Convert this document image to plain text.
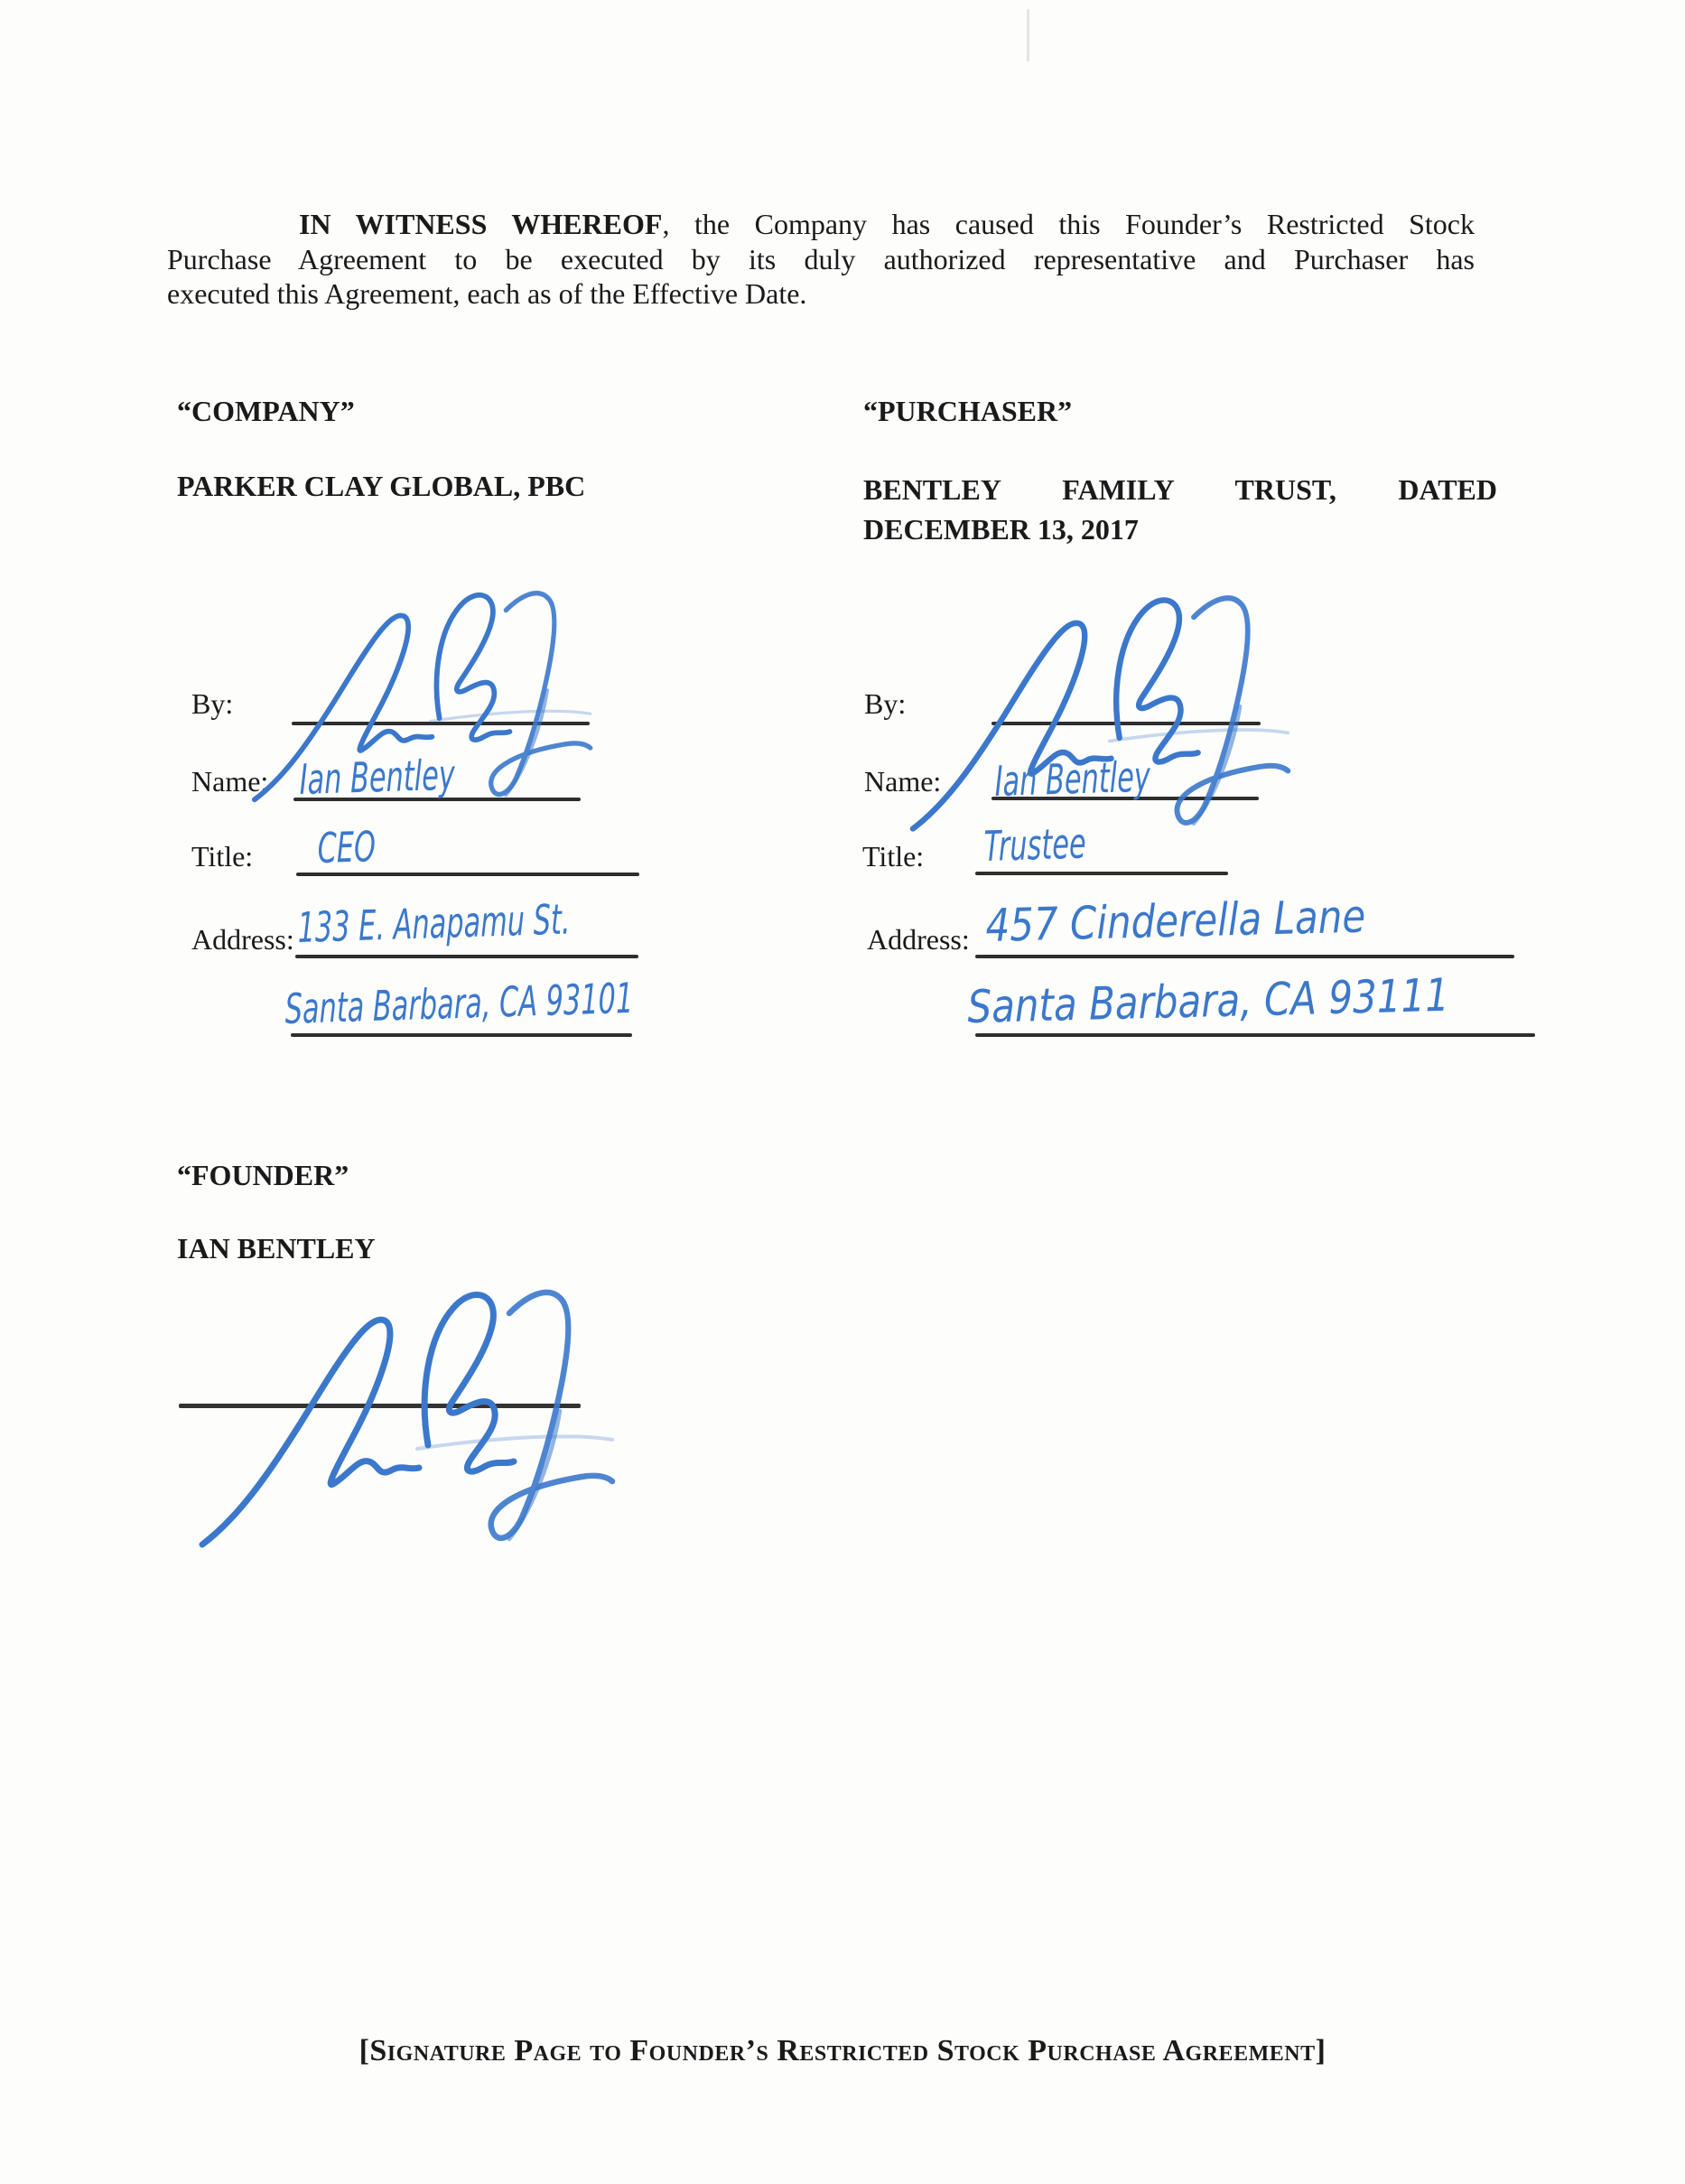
IN WITNESS WHEREOF, the Company has caused this Founder’s Restricted Stock
Purchase Agreement to be executed by its duly authorized representative and Purchaser has
executed this Agreement, each as of the Effective Date.
“COMPANY”	“PURCHASER”
PARKER CLAY GLOBAL, PBC	BENTLEY FAMILY TRUST, DATED
DECEMBER 13, 2017
By:
Name:
Title:
Address:
Ian Bentley
CEO
133 E. Anapamu St.
Santa Barbara, CA 93101
By:
Name:
Title:
Address:
Ian Bentley
Trustee
457 Cinderella Lane
Santa Barbara, CA 93111
“FOUNDER”
IAN BENTLEY
[Signature Page to Founder’s Restricted Stock Purchase Agreement]
